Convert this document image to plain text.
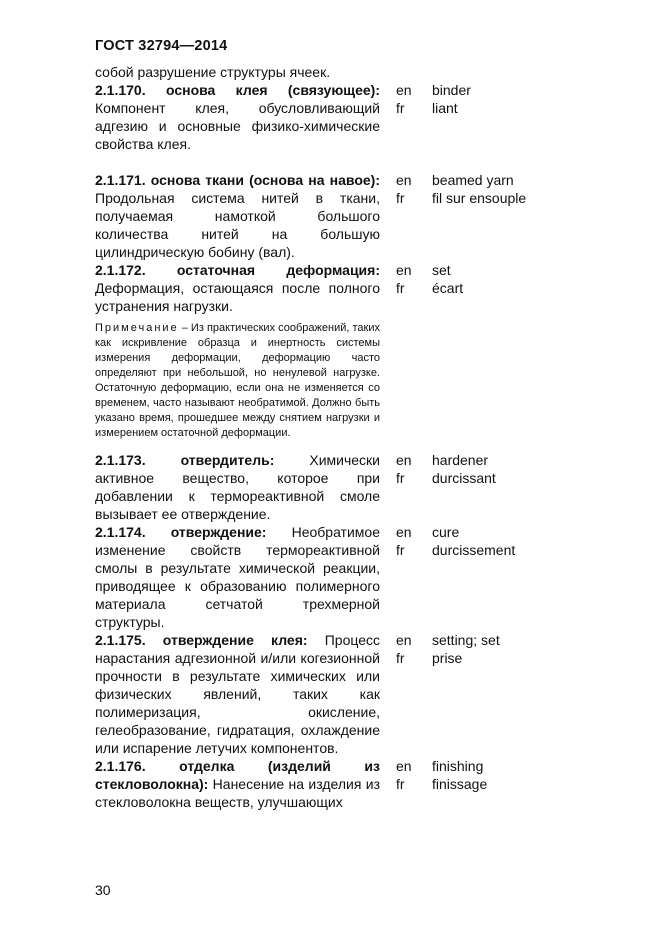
ГОСТ 32794—2014
собой разрушение структуры ячеек.
2.1.170. основа клея (связующее): Компонент клея, обусловливающий адгезию и основные физико-химические свойства клея.
en
fr
binder
liant
2.1.171. основа ткани (основа на навое): Продольная система нитей в ткани, получаемая намоткой большого количества нитей на большую цилиндрическую бобину (вал).
en
fr
beamed yarn
fil sur ensouple
2.1.172. остаточная деформация: Деформация, остающаяся после полного устранения нагрузки.
en
fr
set
écart
Примечание – Из практических соображений, таких как искривление образца и инертность системы измерения деформации, деформацию часто определяют при небольшой, но ненулевой нагрузке. Остаточную деформацию, если она не изменяется со временем, часто называют необратимой. Должно быть указано время, прошедшее между снятием нагрузки и измерением остаточной деформации.
2.1.173. отвердитель: Химически активное вещество, которое при добавлении к термореактивной смоле вызывает ее отверждение.
en
fr
hardener
durcissant
2.1.174. отверждение: Необратимое изменение свойств термореактивной смолы в результате химической реакции, приводящее к образованию полимерного материала сетчатой трехмерной структуры.
en
fr
cure
durcissement
2.1.175. отверждение клея: Процесс нарастания адгезионной и/или когезионной прочности в результате химических или физических явлений, таких как полимеризация, окисление, гелеобразование, гидратация, охлаждение или испарение летучих компонентов.
en
fr
setting; set
prise
2.1.176. отделка (изделий из стекловолокна): Нанесение на изделия из стекловолокна веществ, улучшающих
en
fr
finishing
finissage
30
